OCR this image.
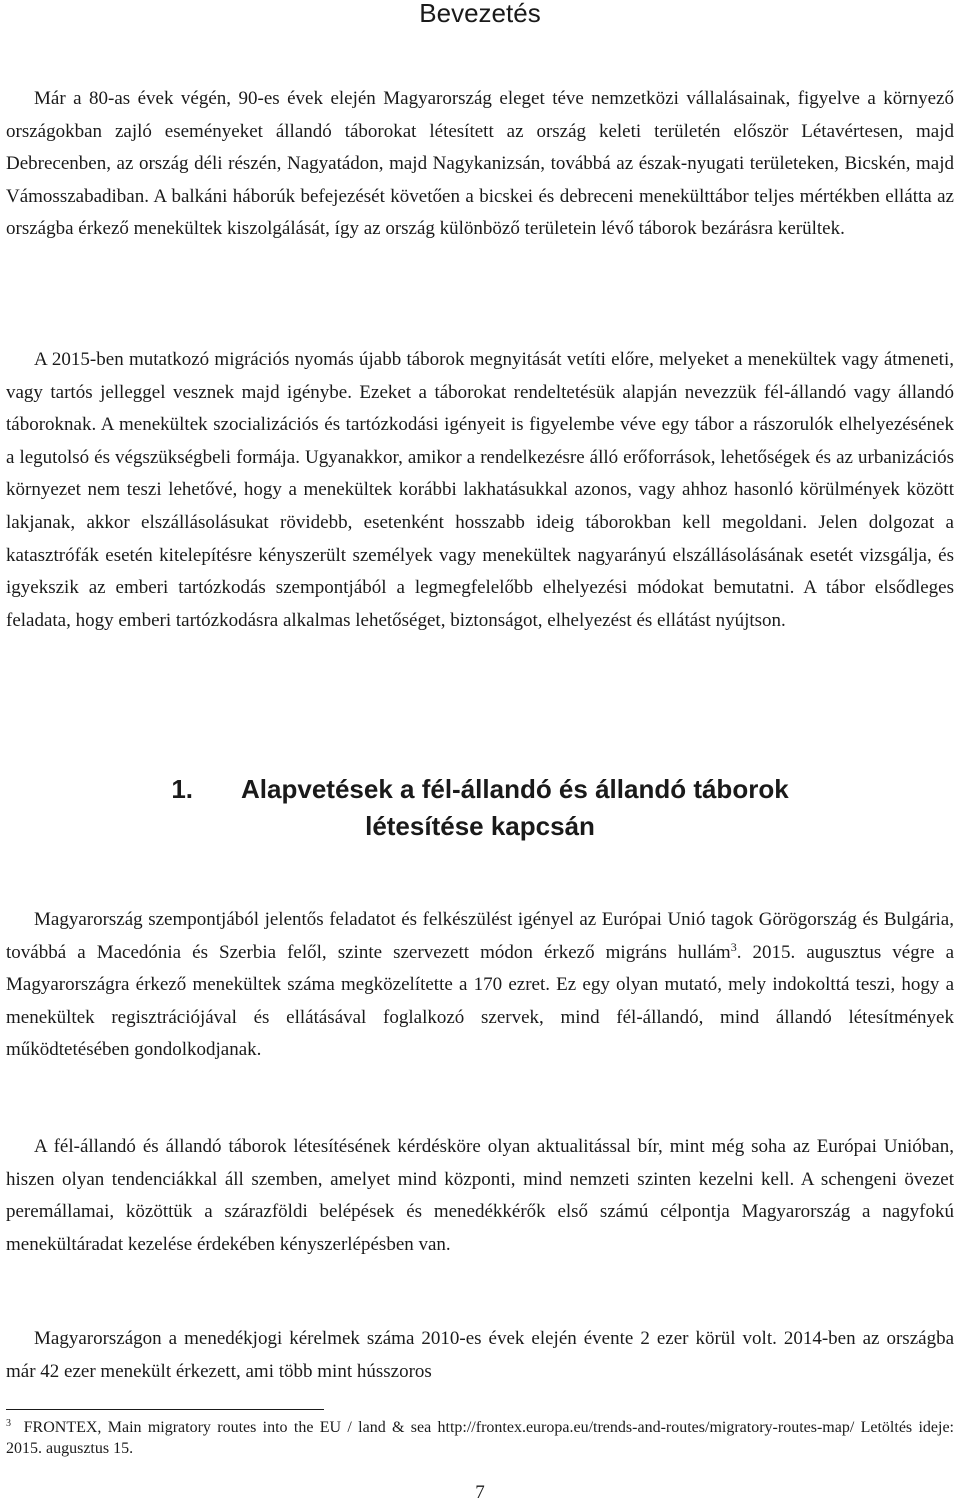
Bevezetés

Már a 80-as évek végén, 90-es évek elején Magyarország eleget téve nemzetközi vállalásainak, figyelve a környező országokban zajló eseményeket állandó táborokat létesített az ország keleti területén először Létavértesen, majd Debrecenben, az ország déli részén, Nagyatádon, majd Nagykanizsán, továbbá az észak-nyugati területeken, Bicskén, majd Vámosszabadiban. A balkáni háborúk befejezését követően a bicskei és debreceni menekülttábor teljes mértékben ellátta az országba érkező menekültek kiszolgálását, így az ország különböző területein lévő táborok bezárásra kerültek.

A 2015-ben mutatkozó migrációs nyomás újabb táborok megnyitását vetíti előre, melyeket a menekültek vagy átmeneti, vagy tartós jelleggel vesznek majd igénybe. Ezeket a táborokat rendeltetésük alapján nevezzük fél-állandó vagy állandó táboroknak. A menekültek szocializációs és tartózkodási igényeit is figyelembe véve egy tábor a rászorulók elhelyezésének a legutolsó és végszükségbeli formája. Ugyanakkor, amikor a rendelkezésre álló erőforrások, lehetőségek és az urbanizációs környezet nem teszi lehetővé, hogy a menekültek korábbi lakhatásukkal azonos, vagy ahhoz hasonló körülmények között lakjanak, akkor elszállásolásukat rövidebb, esetenként hosszabb ideig táborokban kell megoldani. Jelen dolgozat a katasztrófák esetén kitelepítésre kényszerült személyek vagy menekültek nagyarányú elszállásolásának esetét vizsgálja, és igyekszik az emberi tartózkodás szempontjából a legmegfelelőbb elhelyezési módokat bemutatni. A tábor elsődleges feladata, hogy emberi tartózkodásra alkalmas lehetőséget, biztonságot, elhelyezést és ellátást nyújtson.

1. Alapvetések a fél-állandó és állandó táborok
létesítése kapcsán

Magyarország szempontjából jelentős feladatot és felkészülést igényel az Európai Unió tagok Görögország és Bulgária, továbbá a Macedónia és Szerbia felől, szinte szervezett módon érkező migráns hullám$^3$. 2015. augusztus végre a Magyarországra érkező menekültek száma megközelítette a 170 ezret. Ez egy olyan mutató, mely indokolttá teszi, hogy a menekültek regisztrációjával és ellátásával foglalkozó szervek, mind fél-állandó, mind állandó létesítmények működtetésében gondolkodjanak.

A fél-állandó és állandó táborok létesítésének kérdésköre olyan aktualitással bír, mint még soha az Európai Unióban, hiszen olyan tendenciákkal áll szemben, amelyet mind központi, mind nemzeti szinten kezelni kell. A schengeni övezet peremállamai, közöttük a szárazföldi belépések és menedékkérők első számú célpontja Magyarország a nagyfokú menekültáradat kezelése érdekében kényszerlépésben van.

Magyarországon a menedékjogi kérelmek száma 2010-es évek elején évente 2 ezer körül volt. 2014-ben az országba már 42 ezer menekült érkezett, ami több mint hússzoros

$^3$ FRONTEX, Main migratory routes into the EU / land & sea http://frontex.europa.eu/trends-and-routes/migratory-routes-map/ Letöltés ideje: 2015. augusztus 15.

7
